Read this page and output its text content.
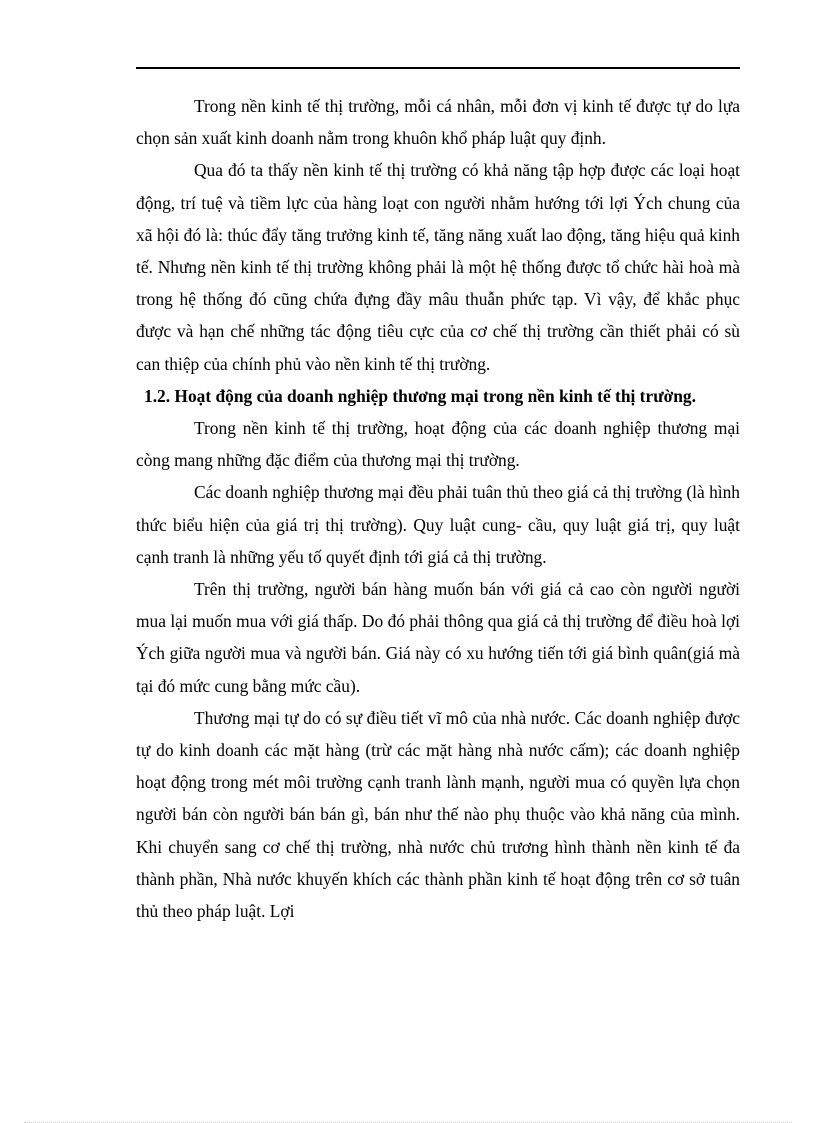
Trong nền kinh tế thị trường, mỗi cá nhân, mỗi đơn vị kinh tế được tự do lựa chọn sản xuất kinh doanh nằm trong khuôn khổ pháp luật quy định.

Qua đó ta thấy nền kinh tế thị trường có khả năng tập hợp được các loại hoạt động, trí tuệ và tiềm lực của hàng loạt con người nhằm hướng tới lợi Ých chung của xã hội đó là: thúc đẩy tăng trưởng kinh tế, tăng năng xuất lao động, tăng hiệu quả kinh tế. Nhưng nền kinh tế thị trường không phải là một hệ thống được tổ chức hài hoà mà trong hệ thống đó cũng chứa đựng đầy mâu thuẫn phức tạp. Vì vậy, để khắc phục được và hạn chế những tác động tiêu cực của cơ chế thị trường cần thiết phải có sù can thiệp của chính phủ vào nền kinh tế thị trường.

1.2. Hoạt động của doanh nghiệp thương mại trong nền kinh tế thị trường.

Trong nền kinh tế thị trường, hoạt động của các doanh nghiệp thương mại còng mang những đặc điểm của thương mại thị trường.

Các doanh nghiệp thương mại đều phải tuân thủ theo giá cả thị trường (là hình thức biểu hiện của giá trị thị trường). Quy luật cung- cầu, quy luật giá trị, quy luật cạnh tranh là những yếu tố quyết định tới giá cả thị trường.

Trên thị trường, người bán hàng muốn bán với giá cả cao còn người người mua lại muốn mua với giá thấp. Do đó phải thông qua giá cả thị trường để điều hoà lợi Ých giữa người mua và người bán. Giá này có xu hướng tiến tới giá bình quân(giá mà tại đó mức cung bằng mức cầu).

Thương mại tự do có sự điều tiết vĩ mô của nhà nước. Các doanh nghiệp được tự do kinh doanh các mặt hàng (trừ các mặt hàng nhà nước cấm); các doanh nghiệp hoạt động trong mét môi trường cạnh tranh lành mạnh, người mua có quyền lựa chọn người bán còn người bán bán gì, bán như thế nào phụ thuộc vào khả năng của mình. Khi chuyển sang cơ chế thị trường, nhà nước chủ trương hình thành nền kinh tế đa thành phần, Nhà nước khuyến khích các thành phần kinh tế hoạt động trên cơ sở tuân thủ theo pháp luật. Lợi
